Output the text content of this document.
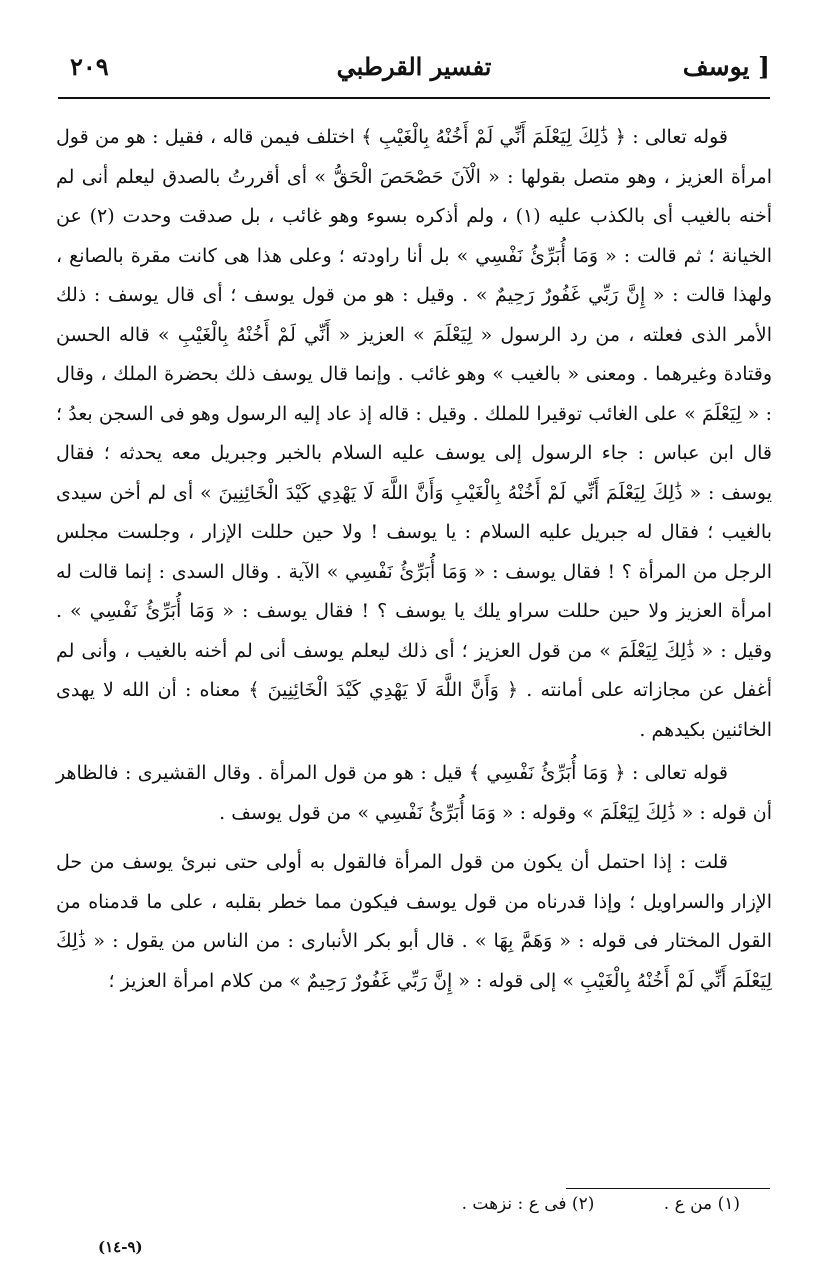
٢٠٩	تفسير القرطبي	يوسف ]

قوله تعالى : ﴿ ذَٰلِكَ لِيَعْلَمَ أَنِّي لَمْ أَخُنْهُ بِالْغَيْبِ ﴾ اختلف فيمن قاله ، فقيل : هو من قول امرأة العزيز ، وهو متصل بقولها : « الْآنَ حَصْحَصَ الْحَقُّ » أى أقررتُ بالصدق ليعلم أنى لم أخنه بالغيب أى بالكذب عليه (١) ، ولم أذكره بسوء وهو غائب ، بل صدقت وحدت (٢) عن الخيانة ؛ ثم قالت : « وَمَا أُبَرِّئُ نَفْسِي » بل أنا راودته ؛ وعلى هذا هى كانت مقرة بالصانع ، ولهذا قالت : « إِنَّ رَبِّي غَفُورٌ رَحِيمٌ » . وقيل : هو من قول يوسف ؛ أى قال يوسف : ذلك الأمر الذى فعلته ، من رد الرسول « لِيَعْلَمَ » العزيز « أَنِّي لَمْ أَخُنْهُ بِالْغَيْبِ » قاله الحسن وقتادة وغيرهما . ومعنى « بالغيب » وهو غائب . وإنما قال يوسف ذلك بحضرة الملك ، وقال : « لِيَعْلَمَ » على الغائب توقيرا للملك . وقيل : قاله إذ عاد إليه الرسول وهو فى السجن بعدُ ؛ قال ابن عباس : جاء الرسول إلى يوسف عليه السلام بالخبر وجبريل معه يحدثه ؛ فقال يوسف : « ذَٰلِكَ لِيَعْلَمَ أَنِّي لَمْ أَخُنْهُ بِالْغَيْبِ وَأَنَّ اللَّهَ لَا يَهْدِي كَيْدَ الْخَائِنِينَ » أى لم أخن سيدى بالغيب ؛ فقال له جبريل عليه السلام : يا يوسف ! ولا حين حللت الإزار ، وجلست مجلس الرجل من المرأة ؟ ! فقال يوسف : « وَمَا أُبَرِّئُ نَفْسِي » الآية . وقال السدى : إنما قالت له امرأة العزيز ولا حين حللت سراو يلك يا يوسف ؟ ! فقال يوسف : « وَمَا أُبَرِّئُ نَفْسِي » . وقيل : « ذَٰلِكَ لِيَعْلَمَ » من قول العزيز ؛ أى ذلك ليعلم يوسف أنى لم أخنه بالغيب ، وأنى لم أغفل عن مجازاته على أمانته . ﴿ وَأَنَّ اللَّهَ لَا يَهْدِي كَيْدَ الْخَائِنِينَ ﴾ معناه : أن الله لا يهدى الخائنين بكيدهم .

قوله تعالى : ﴿ وَمَا أُبَرِّئُ نَفْسِي ﴾ قيل : هو من قول المرأة . وقال القشيرى : فالظاهر أن قوله : « ذَٰلِكَ لِيَعْلَمَ » وقوله : « وَمَا أُبَرِّئُ نَفْسِي » من قول يوسف .

قلت : إذا احتمل أن يكون من قول المرأة فالقول به أولى حتى نبرئ يوسف من حل الإزار والسراويل ؛ وإذا قدرناه من قول يوسف فيكون مما خطر بقلبه ، على ما قدمناه من القول المختار فى قوله : « وَهَمَّ بِهَا » . قال أبو بكر الأنبارى : من الناس من يقول : « ذَٰلِكَ لِيَعْلَمَ أَنِّي لَمْ أَخُنْهُ بِالْغَيْبِ » إلى قوله : « إِنَّ رَبِّي غَفُورٌ رَحِيمٌ » من كلام امرأة العزيز ؛

(١) من ع . (٢) فى ع : نزهت .
(٩-١٤)
